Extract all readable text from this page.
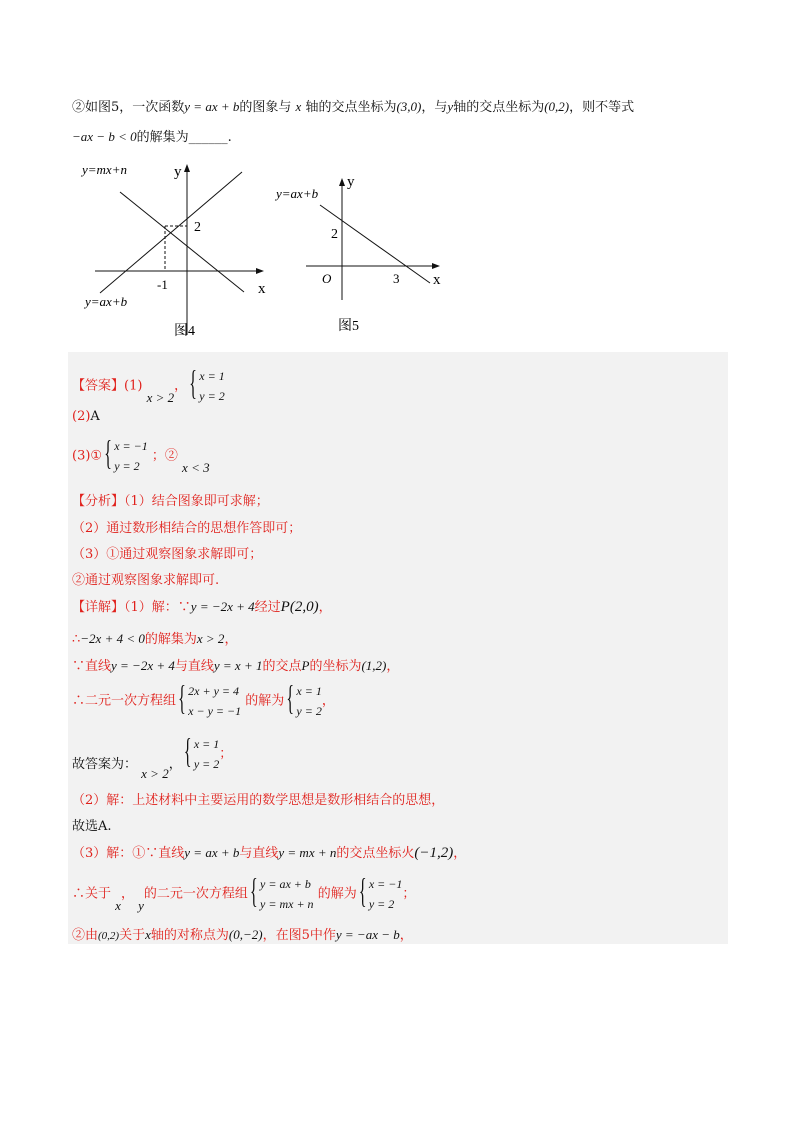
②如图5，一次函数y = ax + b的图象与 x 轴的交点坐标为(3,0)，与y轴的交点坐标为(0,2)，则不等式
−ax − b < 0的解集为______.
y=mx+n
y=ax+b
y
x
2
-1
图4
y=ax+b
y
x
2
3
O
图5
【答案】(1) x > 2，
{ x = 1
y = 2
(2)A
(3)①
{ x = −1
y = 2
；② x < 3
【分析】（1）结合图象即可求解；
（2）通过数形相结合的思想作答即可；
（3）①通过观察图象求解即可；
②通过观察图象求解即可.
【详解】（1）解：∵y = −2x + 4经过P(2,0)，
∴−2x + 4 < 0的解集为x > 2，
∵直线y = −2x + 4与直线y = x + 1的交点P的坐标为(1,2)，
∴二元一次方程组
{ 2x + y = 4
x − y = −1
的解为
{ x = 1
y = 2
，
故答案为： x > 2，
{ x = 1
y = 2
；
（2）解：上述材料中主要运用的数学思想是数形相结合的思想，
故选A.
（3）解：①∵直线y = ax + b与直线y = mx + n的交点坐标火(−1,2)，
∴关于 x， y的二元一次方程组
{ y = ax + b
y = mx + n
的解为
{ x = −1
y = 2
；
②由(0,2)关于x轴的对称点为(0,−2)，在图5中作y = −ax − b，
